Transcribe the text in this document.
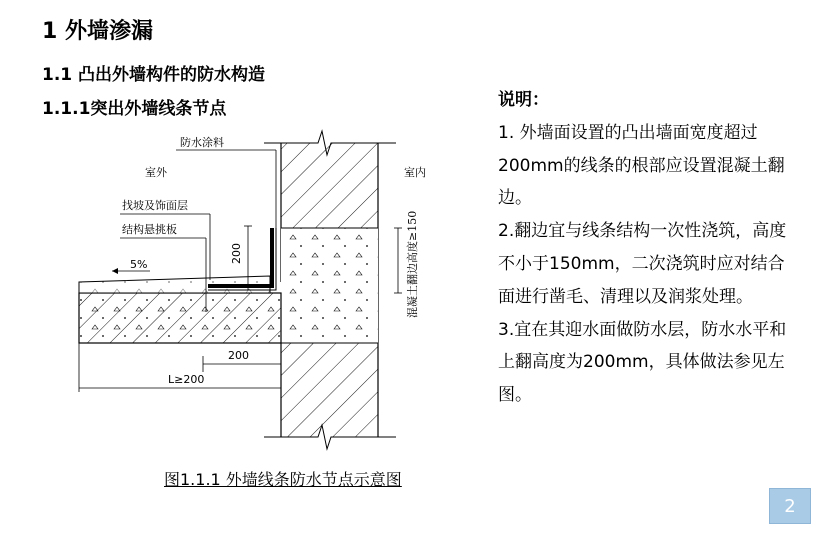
1 外墙渗漏
1.1 凸出外墙构件的防水构造
1.1.1突出外墙线条节点
防水涂料
室外	室内
找坡及饰面层
结构悬挑板
5%
200	混凝土翻边高度≥150
200
L≥200

说明：

1. 外墙面设置的凸出墙面宽度超过200mm的线条的根部应设置混凝土翻边。

2.翻边宜与线条结构一次性浇筑，高度不小于150mm，二次浇筑时应对结合面进行凿毛、清理以及润浆处理。

3.宜在其迎水面做防水层，防水水平和上翻高度为200mm，具体做法参见左图。

图1.1.1 外墙线条防水节点示意图
2
